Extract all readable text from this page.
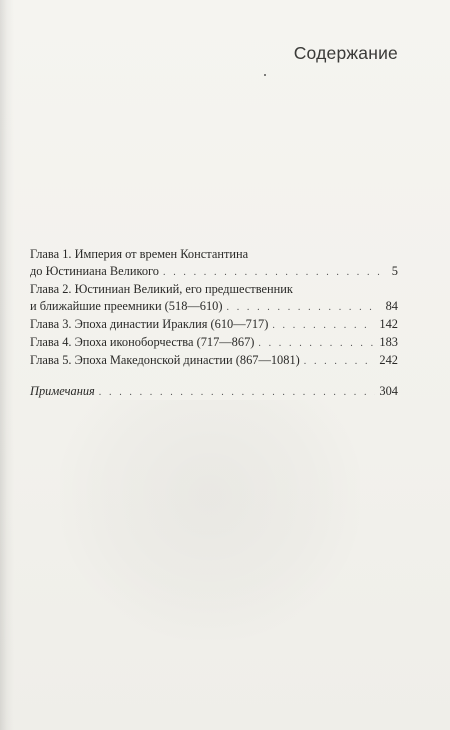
Содержание
Глава 1. Империя от времен Константина
до Юстиниана Великого . . .	5
Глава 2. Юстиниан Великий, его предшественник
и ближайшие преемники (518—610) . . .	84
Глава 3. Эпоха династии Ираклия (610—717) . . .	142
Глава 4. Эпоха иконоборчества (717—867) . . .	183
Глава 5. Эпоха Македонской династии (867—1081) . . .	242
Примечания . . .	304
